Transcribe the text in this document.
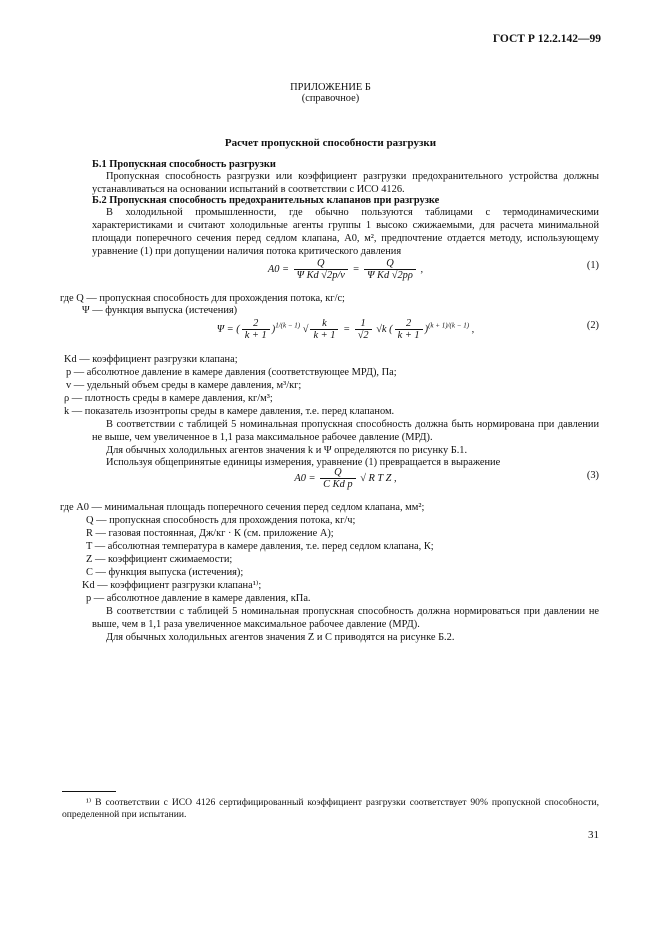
ГОСТ Р 12.2.142—99
ПРИЛОЖЕНИЕ Б
(справочное)
Расчет пропускной способности разгрузки
Б.1 Пропускная способность разгрузки
Пропускная способность разгрузки или коэффициент разгрузки предохранительного устройства должны устанавливаться на основании испытаний в соответствии с ИСО 4126.
Б.2 Пропускная способность предохранительных клапанов при разгрузке
В холодильной промышленности, где обычно пользуются таблицами с термодинамическими характеристиками и считают холодильные агенты группы 1 высоко сжижаемыми, для расчета минимальной площади поперечного сечения перед седлом клапана, A0, м², предпочтение отдается методу, использующему уравнение (1) при допущении наличия потока критического давления
$A0 = \frac{Q}{\text{Ψ Kd √2p/v}} = \frac{Q}{\text{Ψ Kd √2pρ}}$ ,	(1)
где Q — пропускная способность для прохождения потока, кг/с;
Ψ — функция выпуска (истечения)
Ψ = ( $\frac{2}{k + 1} )^{1/(k - 1)}$ √ $\frac{k}{k + 1} = \frac{1}{√2} √k$ ( $\frac{2}{k + 1} )^{(k + 1)/(k - 1)}$ ,	(2)
Kd — коэффициент разгрузки клапана;
p — абсолютное давление в камере давления (соответствующее МРД), Па;
v — удельный объем среды в камере давления, м³/кг;
ρ — плотность среды в камере давления, кг/м³;
k — показатель изоэнтропы среды в камере давления, т.е. перед клапаном.
В соответствии с таблицей 5 номинальная пропускная способность должна быть нормирована при давлении не выше, чем увеличенное в 1,1 раза максимальное рабочее давление (МРД).
Для обычных холодильных агентов значения k и Ψ определяются по рисунку Б.1.
Используя общепринятые единицы измерения, уравнение (1) превращается в выражение
$A0 = \frac{Q}{\text{C Kd p}}$ √ R T Z ,	(3)
где A0 — минимальная площадь поперечного сечения перед седлом клапана, мм²;
Q — пропускная способность для прохождения потока, кг/ч;
R — газовая постоянная, Дж/кг · К (см. приложение А);
T — абсолютная температура в камере давления, т.е. перед седлом клапана, К;
Z — коэффициент сжимаемости;
C — функция выпуска (истечения);
Kd — коэффициент разгрузки клапана¹⁾;
p — абсолютное давление в камере давления, кПа.
В соответствии с таблицей 5 номинальная пропускная способность должна нормироваться при давлении не выше, чем в 1,1 раза увеличенное максимальное рабочее давление (МРД).
Для обычных холодильных агентов значения Z и C приводятся на рисунке Б.2.
¹⁾ В соответствии с ИСО 4126 сертифицированный коэффициент разгрузки соответствует 90% пропускной способности, определенной при испытании.
31
